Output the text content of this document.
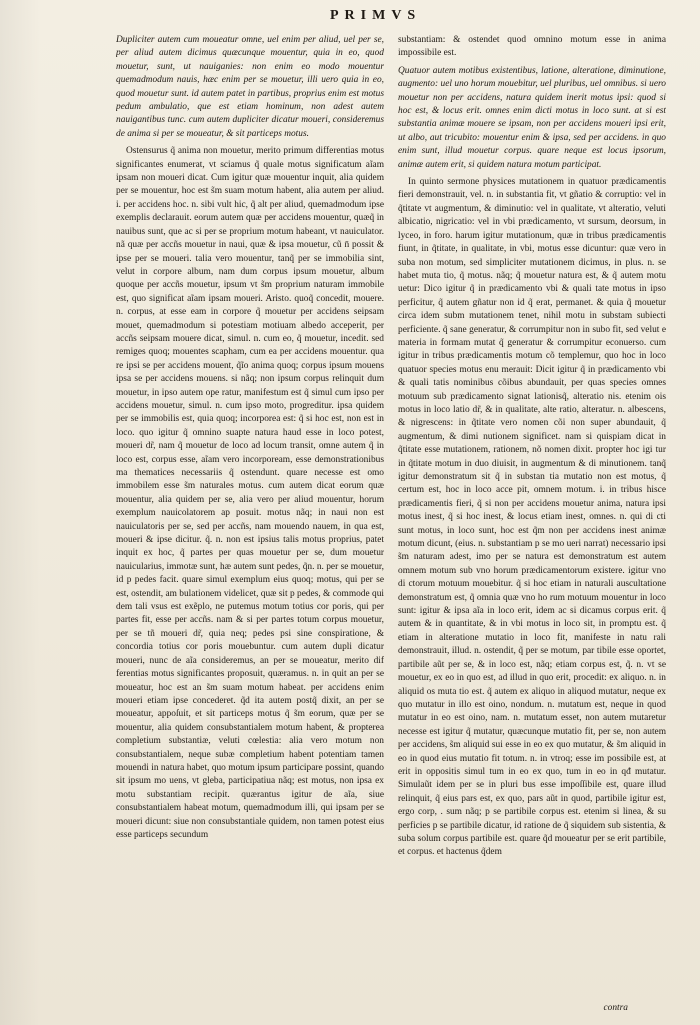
PRIMVS

Dupliciter autem cum moueatur omne, uel enim per aliud, uel per se, per aliud autem dicimus quæcunque mouentur, quia in eo, quod mouetur, sunt, ut nauiganies: non enim eo modo mouentur quemadmodum nauis, hæc enim per se mouetur, illi uero quia in eo, quod mouetur sunt. id autem patet in partibus, proprius enim est motus pedum ambulatio, que est etiam hominum, non adest autem nauigantibus tunc. cum autem dupliciter dicatur moueri, consideremus de anima si per se moueatur, & sit particeps motus.

Ostensurus q̃ anima non mouetur, merito primum differentias motus significantes enumerat, vt sciamus q̃ quale motus significatum aĩam ipsam non moueri dicat. Cum igitur quæ mouentur inquit, alia quidem per se mouentur, hoc est s̃m suam motum habent, alia autem per aliud. i. per accidens hoc. n. sibi vult hic, q̃ alt per aliud, quemadmodum ipse exemplis declarauit. eorum autem quæ per accidens mouentur, quæq̃ in nauibus sunt, que ac si per se proprium motum habeant, vt nauiculator. nã quæ per accñs mouetur in naui, quæ & ipsa mouetur, cũ n̄ possit & ipse per se moueri. talia vero mouentur, tanq̃ per se immobilia sint, velut in corpore album, nam dum corpus ipsum mouetur, album quoque per accñs mouetur, ipsum vt s̃m proprium naturam immobile est, quo significat aĩam ipsam moueri. Aristo. quoq̃ concedit, mouere. n. corpus, at esse eam in corpore q̃ mouetur per accidens seipsam mouet, quemadmodum si potestiam motiuam albedo acceperit, per accñs seipsam mouere dicat, simul. n. cum eo, q̃ mouetur, incedit. sed remiges quoq; mouentes scapham, cum ea per accidens mouentur. qua re ipsi se per accidens mouent, q̃ĩo anima quoq; corpus ipsum mouens ipsa se per accidens mouens. si nãq; non ipsum corpus relinquit dum mouetur, in ipso autem ope ratur, manifestum est q̃ simul cum ipso per accidens mouetur, simul. n. cum ipso moto, progreditur. ipsa quidem per se immobilis est, quia quoq; incorporea est: q̃ si hoc est, non est in loco. quo igitur q̃ omnino suapte natura haud esse in loco potest, moueri dr̃, nam q̃ mouetur de loco ad locum transit, omne autem q̃ in loco est, corpus esse, aĩam vero incorpoream, esse demonstrationibus ma thematices necessariis q̃ ostendunt. quare necesse est omo immobilem esse s̃m naturales motus. cum autem dicat eorum quæ mouentur, alia quidem per se, alia vero per aliud mouentur, horum exemplum nauicolatorem ap posuit. motus nãq; in naui non est nauiculatoris per se, sed per accñs, nam mouendo nauem, in qua est, moueri & ipse dicitur. q̃. n. non est ipsius talis motus proprius, patet inquit ex hoc, q̃ partes per quas mouetur per se, dum mouetur nauicularius, immotæ sunt, hæ autem sunt pedes, q̃n. n. per se mouetur, id p pedes facit. quare simul exemplum eius quoq; motus, qui per se est, ostendit, am bulationem videlicet, quæ sit p pedes, & commode qui dem tali vsus est exẽplo, ne putemus motum totius cor poris, qui per partes fit, esse per accñs. nam & si per partes totum corpus mouetur, per se tñ moueri dr̃, quia neq; pedes psi sine conspiratione, & concordia totius cor poris mouebuntur. cum autem dupli dicatur moueri, nunc de aĩa consideremus, an per se moueatur, merito dif ferentias motus significantes proposuit, quæramus. n. in quit an per se moueatur, hoc est an s̃m suam motum habeat. per accidens enim moueri etiam ipse concederet. q̃d ita autem postq̃ dixit, an per se moueatur, appoſuit, et sit particeps motus q̃ s̃m eorum, quæ per se mouentur, alia quidem consubstantialem motum habent, & propterea completium substantiæ, veluti cœlestia: alia vero motum non consubstantialem, neque subæ completium habent potentiam tamen mouendi in natura habet, quo motum ipsum participare possint, quando sit ipsum mo uens, vt gleba, participatiua nãq; est motus, non ipsa ex motu substantiam recipit. quærantus igitur de aĩa, siue consubstantialem habeat motum, quemadmodum illi, qui ipsam per se moueri dicunt: siue non consubstantiale quidem, non tamen potest eius esse particeps secundum

substantiam: & ostendet quod omnino motum esse in anima impossibile est.

Quatuor autem motibus existentibus, latione, alteratione, diminutione, augmento: uel uno horum mouebitur, uel pluribus, uel omnibus. si uero mouetur non per accidens, natura quidem inerit motus ipsi: quod si hoc est, & locus erit. omnes enim dicti motus in loco sunt. at si est substantia animæ mouere se ipsam, non per accidens moueri ipsi erit, ut albo, aut tricubito: mouentur enim & ipsa, sed per accidens. in quo enim sunt, illud mouetur corpus. quare neque est locus ipsorum, animæ autem erit, si quidem natura motum participat.

In quinto sermone physices mutationem in quatuor prædicamentis fieri demonstrauit, vel. n. in substantia fit, vt gñatio & corruptio: vel in q̃titate vt augmentum, & diminutio: vel in qualitate, vt alteratio, veluti albicatio, nigricatio: vel in vbi prædicamento, vt sursum, deorsum, in lyceo, in foro. harum igitur mutationum, quæ in tribus prædicamentis fiunt, in q̃titate, in qualitate, in vbi, motus esse dicuntur: quæ vero in suba non motum, sed simpliciter mutationem dicimus, in plus. n. se habet muta tio, q̃ motus. nãq; q̃ mouetur natura est, & q̃ autem motu uetur: Dico igitur q̃ in prædicamento vbi & quali tate motus in ipso perficitur, q̃ autem gñatur non id q̃ erat, permanet. & quia q̃ mouetur circa idem subm mutationem tenet, nihil motu in substam subiecti perficiente. q̃ sane generatur, & corrumpitur non in subo fit, sed velut e materia in formam mutat q̃ generatur & corrumpitur econuerso. cum igitur in tribus prædicamentis motum cõ templemur, quo hoc in loco quatuor species motus enu merauit: Dicit igitur q̃ in prædicamento vbi & quali tatis nominibus cõibus abundauit, per quas species omnes motuum sub prædicamento signat lationisq̃, alteratio nis. etenim ois motus in loco latio dr̃, & in qualitate, alte ratio, alteratur. n. albescens, & nigrescens: in q̃titate vero nomen cõi non super abundauit, q̃ augmentum, & dimi nutionem significet. nam si quispiam dicat in q̃titate esse mutationem, rationem, nõ nomen dixit. propter hoc igi tur in q̃titate motum in duo diuisit, in augmentum & di minutionem. tanq̃ igitur demonstratum sit q̃ in substan tia mutatio non est motus, q̃ certum est, hoc in loco acce pit, omnem motum. i. in tribus hisce prædicamentis fieri, q̃ si non per accidens mouetur anima, natura ipsi motus inest, q̃ si hoc inest, & locus etiam inest, omnes. n. qui di cti sunt motus, in loco sunt, hoc est q̃m non per accidens inest animæ motum dicunt, (eius. n. substantiam p se mo ueri narrat) necessario ipsi s̃m naturam adest, imo per se natura est demonstratum est autem omnem motum sub vno horum prædicamentorum existere. igitur vno di ctorum motuum mouebitur. q̃ si hoc etiam in naturali auscultatione demonstratum est, q̃ omnia quæ vno ho rum motuum mouentur in loco sunt: igitur & ipsa aĩa in loco erit, idem ac si dicamus corpus erit. q̃ autem & in quantitate, & in vbi motus in loco sit, in promptu est. q̃ etiam in alteratione mutatio in loco fit, manifeste in natu rali demonstrauit, illud. n. ostendit, q̃ per se motum, par tibile esse oportet, partibile aũt per se, & in loco est, nãq; etiam corpus est, q̃. n. vt se mouetur, ex eo in quo est, ad illud in quo erit, procedit: ex aliquo. n. in aliquid os muta tio est. q̃ autem ex aliquo in aliquod mutatur, neque ex quo mutatur in illo est oino, nondum. n. mutatum est, neque in quod mutatur in eo est oino, nam. n. mutatum esset, non autem mutaretur necesse est igitur q̃ mutatur, quæcunque mutatio fit, per se, non autem per accidens, s̃m aliquid sui esse in eo ex quo mutatur, & s̃m aliquid in eo in quod eius mutatio fit totum. n. in vtroq; esse im possibile est, at erit in oppositis simul tum in eo ex quo, tum in eo in qđ mutatur. Simulaũt idem per se in pluri bus esse impoſſibile est, quare illud relinquit, q̃ eius pars est, ex quo, pars aũt in quod, partibile igitur est, ergo corp, . sum nãq; p se partibile corpus est. etenim si linea, & su perficies p se partibile dicatur, id ratione de q̃ siquidem sub sistentia, & suba solum corpus partibile est. quare q̃d moueatur per se erit partibile, et corpus. et hactenus q̃dem

contra
